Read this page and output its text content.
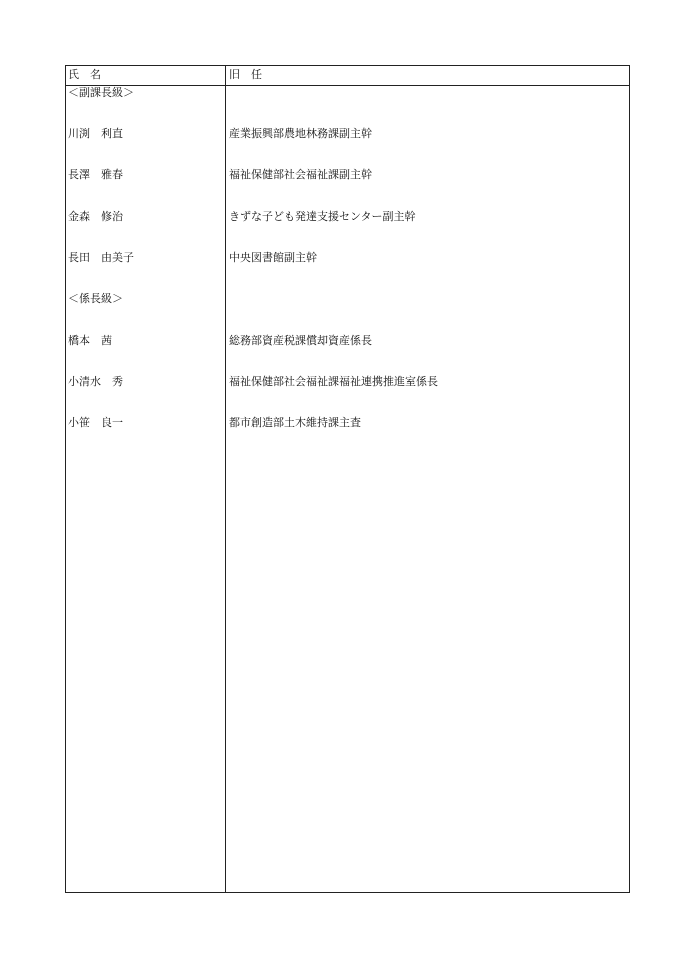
氏　名	旧　任
＜副課長級＞
川渕　利直	産業振興部農地林務課副主幹
長澤　雅春	福祉保健部社会福祉課副主幹
金森　修治	きずな子ども発達支援センター副主幹
長田　由美子	中央図書館副主幹
＜係長級＞
橋本　茜	総務部資産税課償却資産係長
小清水　秀	福祉保健部社会福祉課福祉連携推進室係長
小笹　良一	都市創造部土木維持課主査
